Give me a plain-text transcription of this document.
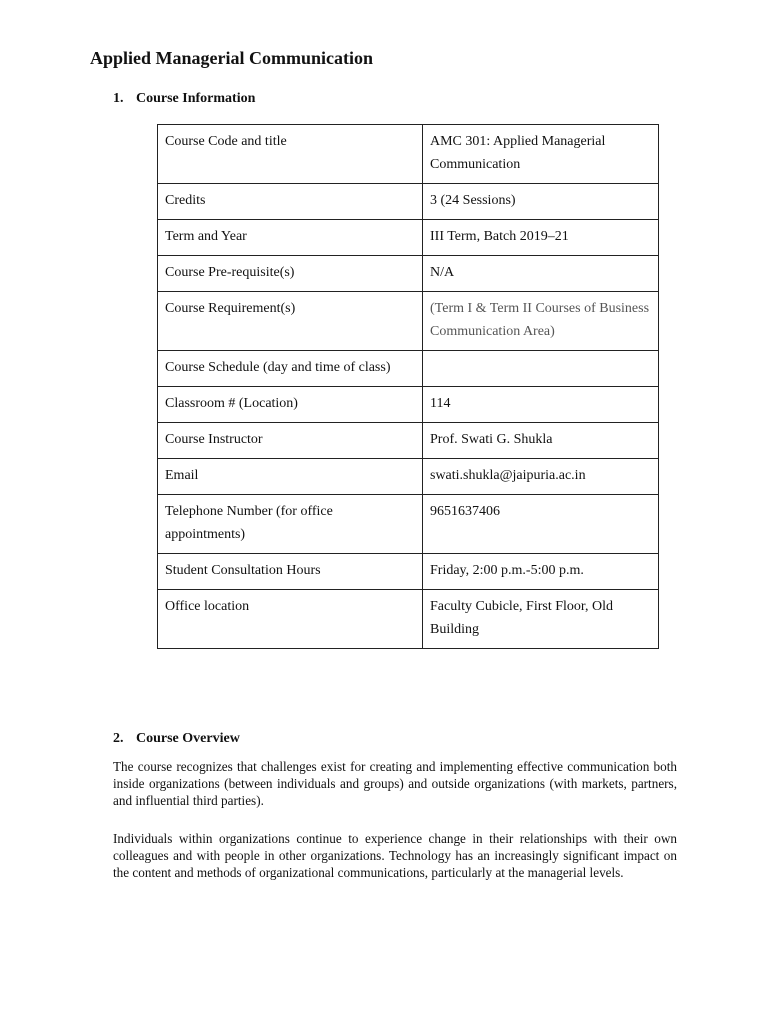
Applied Managerial Communication
1. Course Information
Course Code and title	AMC 301: Applied Managerial Communication
Credits	3 (24 Sessions)
Term and Year	III Term, Batch 2019–21
Course Pre-requisite(s)	N/A
Course Requirement(s)	(Term I & Term II Courses of Business Communication Area)
Course Schedule (day and time of class)	
Classroom # (Location)	114
Course Instructor	Prof. Swati G. Shukla
Email	swati.shukla@jaipuria.ac.in
Telephone Number (for office appointments)	9651637406
Student Consultation Hours	Friday, 2:00 p.m.-5:00 p.m.
Office location	Faculty Cubicle, First Floor, Old Building
2. Course Overview

The course recognizes that challenges exist for creating and implementing effective communication both inside organizations (between individuals and groups) and outside organizations (with markets, partners, and influential third parties).

Individuals within organizations continue to experience change in their relationships with their own colleagues and with people in other organizations. Technology has an increasingly significant impact on the content and methods of organizational communications, particularly at the managerial levels.
